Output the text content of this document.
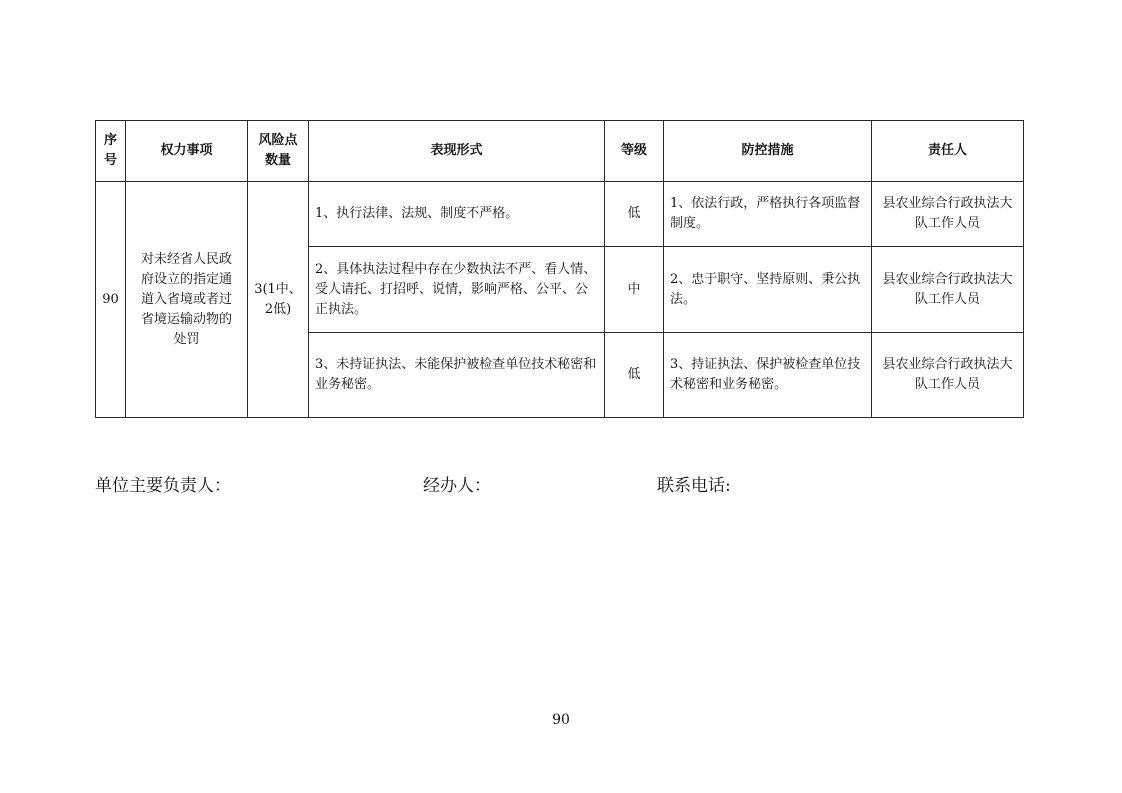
序号	权力事项	风险点数量	表现形式	等级	防控措施	责任人
90	对未经省人民政府设立的指定通道入省境或者过省境运输动物的处罚	3(1中、2低)	1、执行法律、法规、制度不严格。	低	1、依法行政，严格执行各项监督制度。	县农业综合行政执法大队工作人员
			2、具体执法过程中存在少数执法不严、看人情、受人请托、打招呼、说情，影响严格、公平、公正执法。	中	2、忠于职守、坚持原则、秉公执法。	县农业综合行政执法大队工作人员
			3、未持证执法、未能保护被检查单位技术秘密和业务秘密。	低	3、持证执法、保护被检查单位技术秘密和业务秘密。	县农业综合行政执法大队工作人员
单位主要负责人：	经办人：	联系电话:
90
